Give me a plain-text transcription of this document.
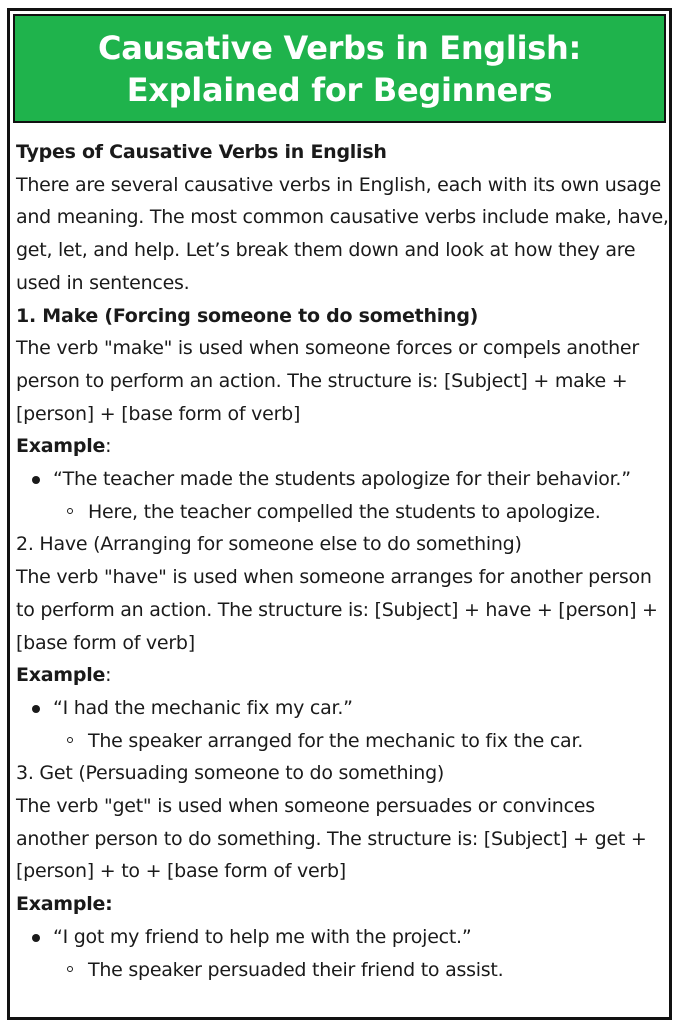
Causative Verbs in English:
Explained for Beginners

Types of Causative Verbs in English

There are several causative verbs in English, each with its own usage and meaning. The most common causative verbs include make, have, get, let, and help. Let’s break them down and look at how they are used in sentences.

1. Make (Forcing someone to do something)

The verb "make" is used when someone forces or compels another person to perform an action. The structure is: [Subject] + make + [person] + [base form of verb]

Example:

“The teacher made the students apologize for their behavior.”
Here, the teacher compelled the students to apologize.

2. Have (Arranging for someone else to do something)

The verb "have" is used when someone arranges for another person to perform an action. The structure is: [Subject] + have + [person] + [base form of verb]

Example:

“I had the mechanic fix my car.”
The speaker arranged for the mechanic to fix the car.

3. Get (Persuading someone to do something)

The verb "get" is used when someone persuades or convinces another person to do something. The structure is: [Subject] + get + [person] + to + [base form of verb]

Example:

“I got my friend to help me with the project.”
The speaker persuaded their friend to assist.
